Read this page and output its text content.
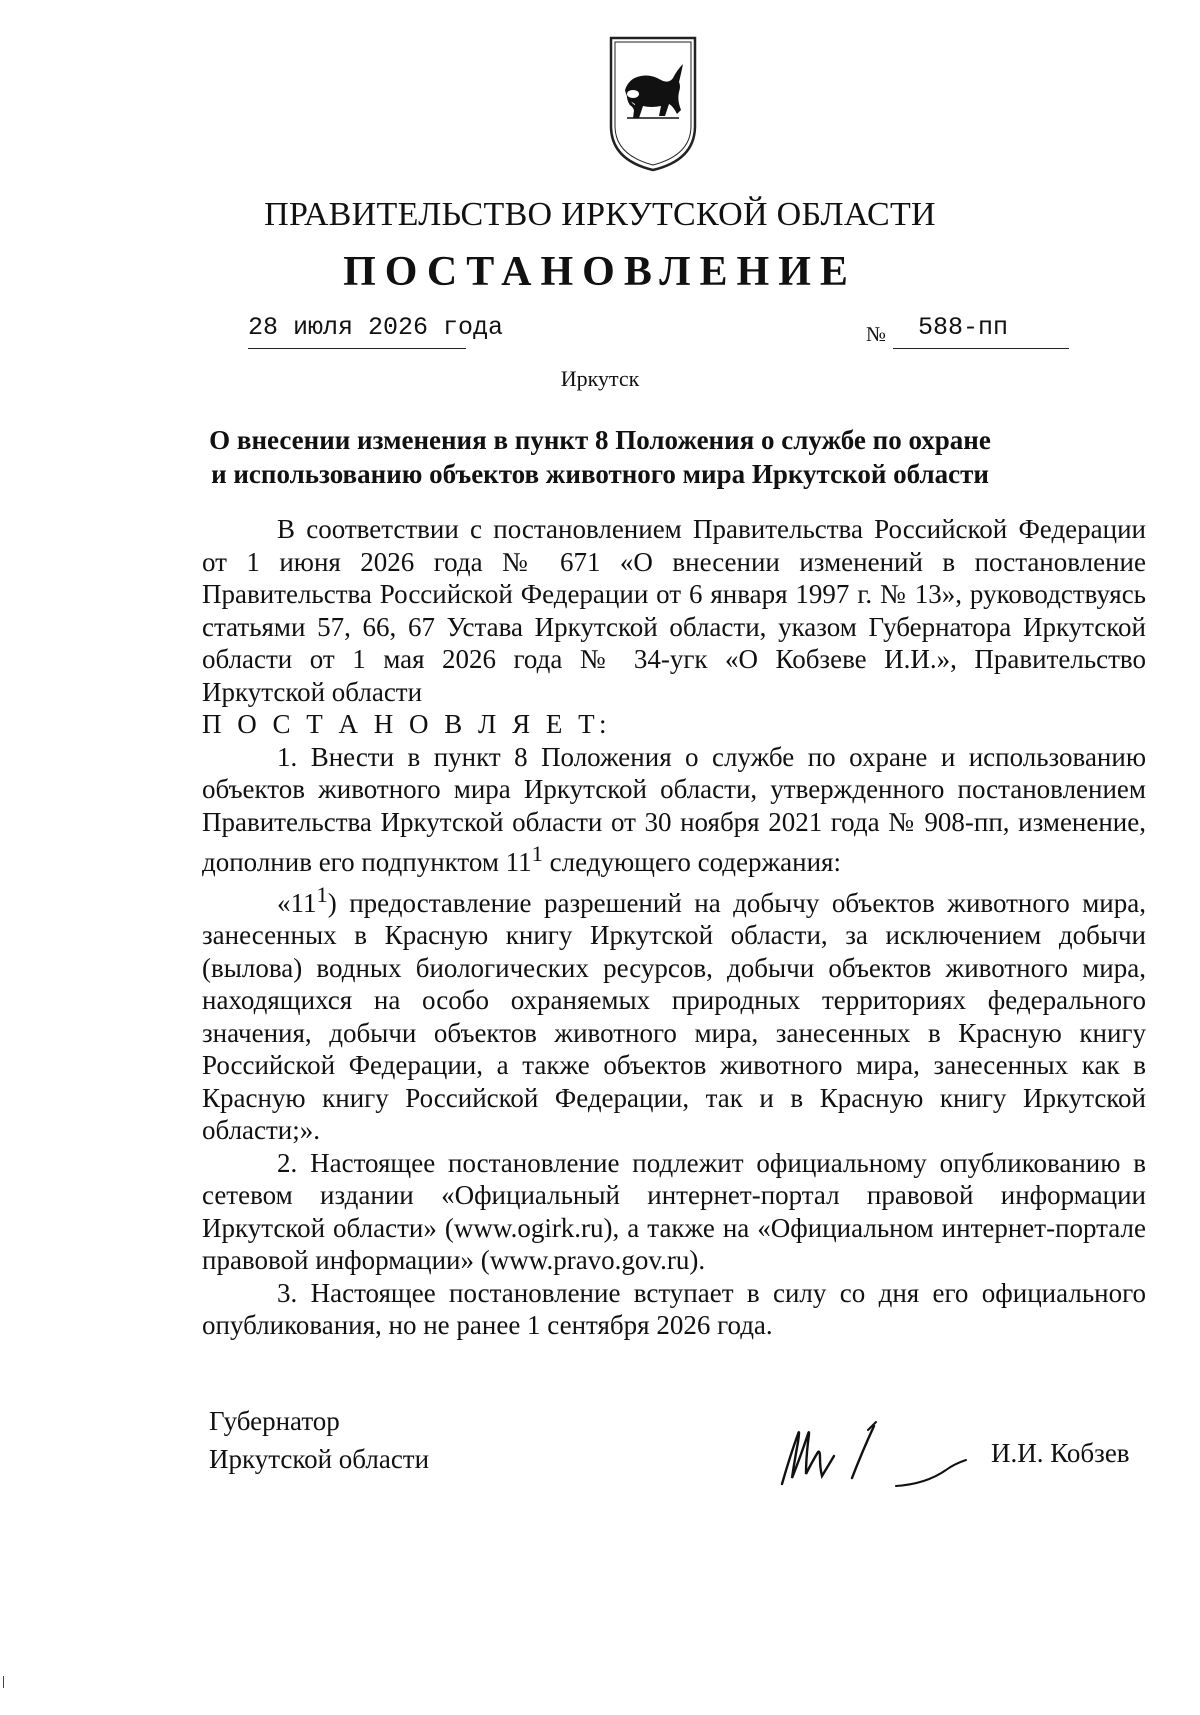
ПРАВИТЕЛЬСТВО ИРКУТСКОЙ ОБЛАСТИ
ПОСТАНОВЛЕНИЕ
28 июля 2026 года	№ 588-пп
Иркутск
О внесении изменения в пункт 8 Положения о службе по охране
и использованию объектов животного мира Иркутской области

В соответствии с постановлением Правительства Российской Федерации от 1 июня 2026 года № 671 «О внесении изменений в постановление Правительства Российской Федерации от 6 января 1997 г. № 13», руководствуясь статьями 57, 66, 67 Устава Иркутской области, указом Губернатора Иркутской области от 1 мая 2026 года № 34-угк «О Кобзеве И.И.», Правительство Иркутской области

П О С Т А Н О В Л Я Е Т:

1. Внести в пункт 8 Положения о службе по охране и использованию объектов животного мира Иркутской области, утвержденного постановлением Правительства Иркутской области от 30 ноября 2021 года № 908-пп, изменение, дополнив его подпунктом $11^1$ следующего содержания:

«$11^1$) предоставление разрешений на добычу объектов животного мира, занесенных в Красную книгу Иркутской области, за исключением добычи (вылова) водных биологических ресурсов, добычи объектов животного мира, находящихся на особо охраняемых природных территориях федерального значения, добычи объектов животного мира, занесенных в Красную книгу Российской Федерации, а также объектов животного мира, занесенных как в Красную книгу Российской Федерации, так и в Красную книгу Иркутской области;».

2. Настоящее постановление подлежит официальному опубликованию в сетевом издании «Официальный интернет-портал правовой информации Иркутской области» (www.ogirk.ru), а также на «Официальном интернет-портале правовой информации» (www.pravo.gov.ru).

3. Настоящее постановление вступает в силу со дня его официального опубликования, но не ранее 1 сентября 2026 года.

Губернатор
Иркутской области	И.И. Кобзев
